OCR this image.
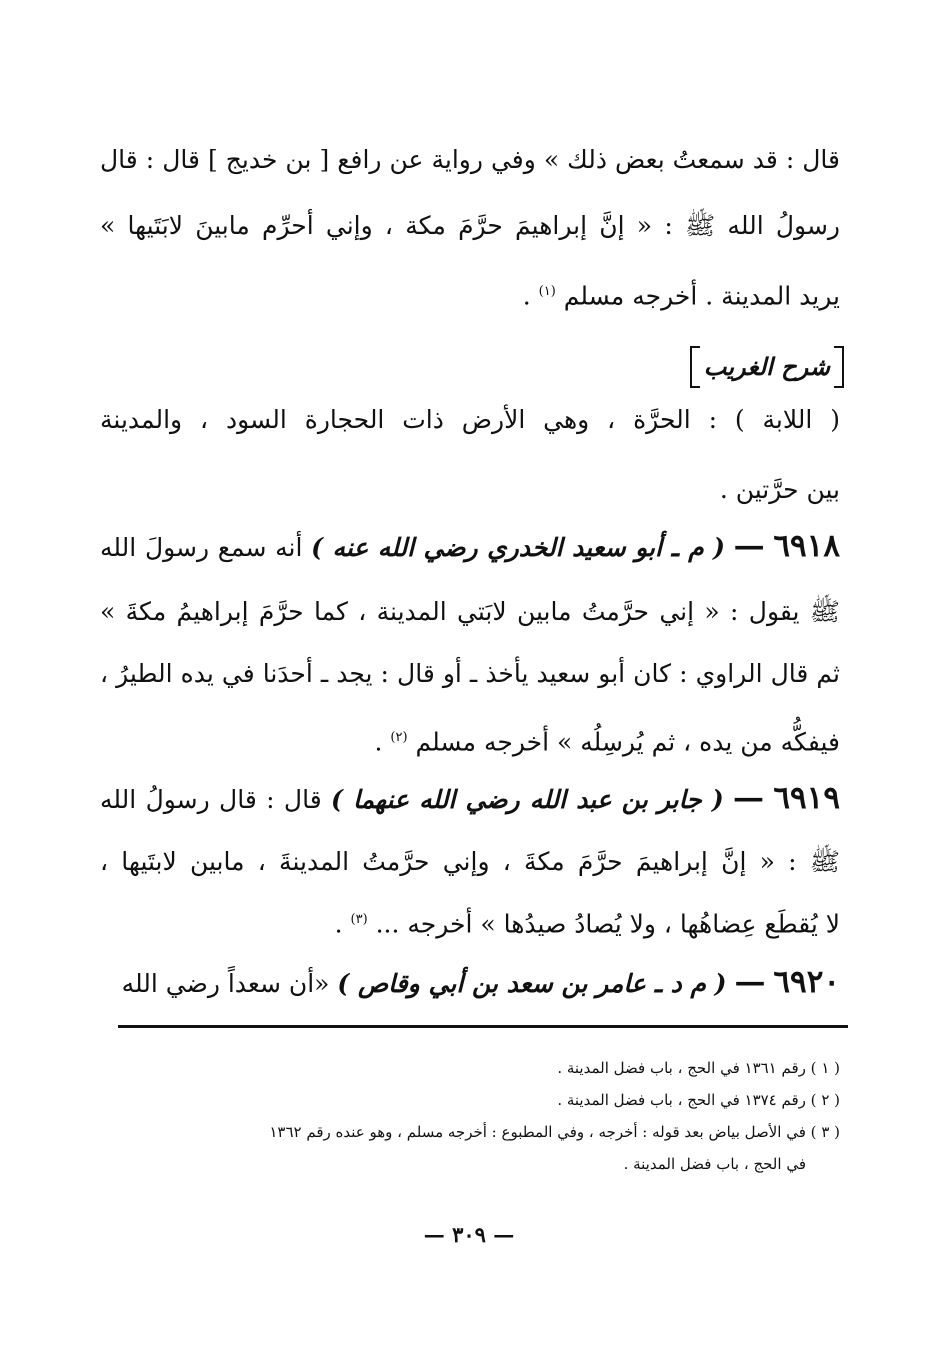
قال : قد سمعتُ بعض ذلك » وفي رواية عن رافع [ بن خديج ] قال : قال
رسولُ الله ﷺ : « إنَّ إبراهيمَ حرَّمَ مكة ، وإني أحرِّم مابينَ لابَتَيها »
يريد المدينة . أخرجه مسلم $^{(١)}$ .
شرح الغريب
( اللابة ) : الحرَّة ، وهي الأرض ذات الحجارة السود ، والمدينة
بين حرَّتين .
٦٩١٨ — ( م ـ أبو سعيد الخدري رضي الله عنه ) أنه سمع رسولَ الله
ﷺ يقول : « إني حرَّمتُ مابين لابَتي المدينة ، كما حرَّمَ إبراهيمُ مكةَ »
ثم قال الراوي : كان أبو سعيد يأخذ ـ أو قال : يجد ـ أحدَنا في يده الطيرُ ،
فيفكُّه من يده ، ثم يُرسِلُه » أخرجه مسلم $^{(٢)}$ .
٦٩١٩ — ( جابر بن عبد الله رضي الله عنهما ) قال : قال رسولُ الله
ﷺ : « إنَّ إبراهيمَ حرَّمَ مكةَ ، وإني حرَّمتُ المدينةَ ، مابين لابتَيها ،
لا يُقطَع عِضاهُها ، ولا يُصادُ صيدُها » أخرجه ... $^{(٣)}$ .
٦٩٢٠ — ( م د ـ عامر بن سعد بن أبي وقاص ) «أن سعداً رضي الله
( ١ ) رقم ١٣٦١ في الحج ، باب فضل المدينة .
( ٢ ) رقم ١٣٧٤ في الحج ، باب فضل المدينة .
( ٣ ) في الأصل بياض بعد قوله : أخرجه ، وفي المطبوع : أخرجه مسلم ، وهو عنده رقم ١٣٦٢
في الحج ، باب فضل المدينة .
— ٣٠٩ —
